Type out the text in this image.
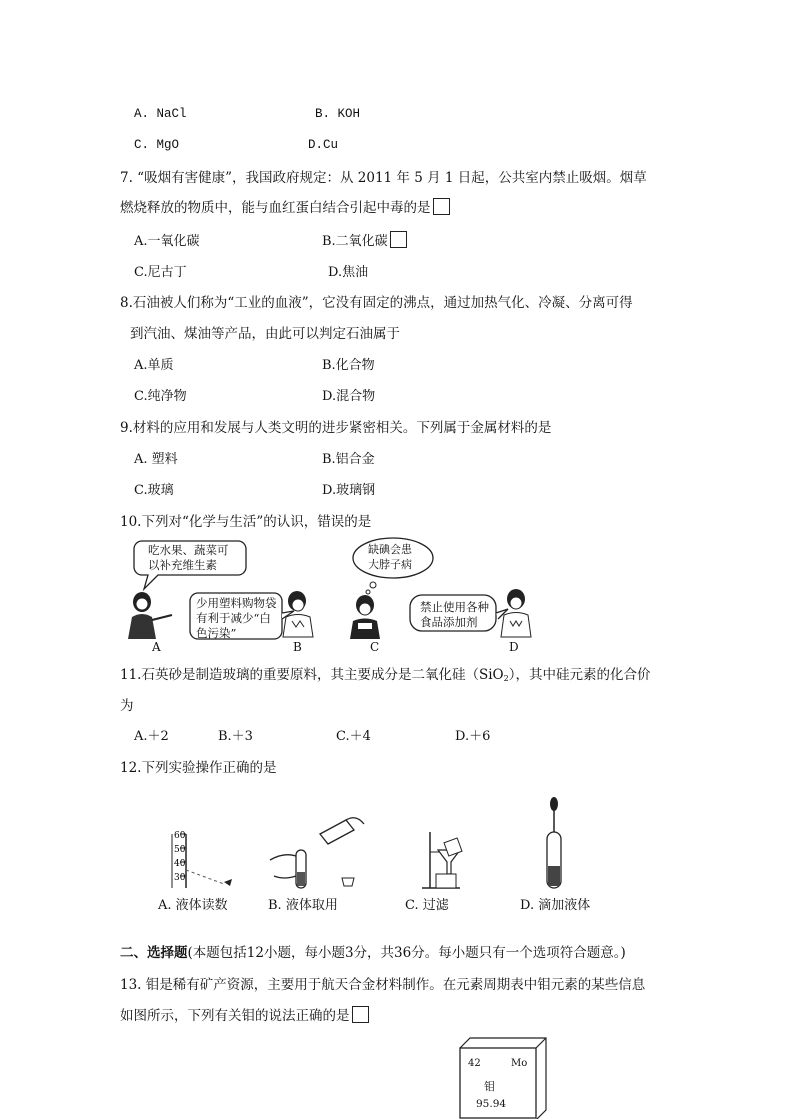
A. NaCl	B. KOH
C. MgO	D.Cu
7. “吸烟有害健康”，我国政府规定：从 2011 年 5 月 1 日起，公共室内禁止吸烟。烟草
燃烧释放的物质中，能与血红蛋白结合引起中毒的是
A.一氧化碳	B.二氧化碳
C.尼古丁	D.焦油
8.石油被人们称为“工业的血液”，它没有固定的沸点，通过加热气化、冷凝、分离可得
到汽油、煤油等产品，由此可以判定石油属于
A.单质	B.化合物
C.纯净物	D.混合物
9.材料的应用和发展与人类文明的进步紧密相关。下列属于金属材料的是
A. 塑料	B.铝合金
C.玻璃	D.玻璃钢
10.下列对“化学与生活”的认识，错误的是
吃水果、蔬菜可
以补充维生素
少用塑料购物袋
有利于减少“白
色污染”
缺碘会患
大脖子病
禁止使用各种
食品添加剂
A	B	C	D
11.石英砂是制造玻璃的重要原料，其主要成分是二氧化硅（SiO$_2$），其中硅元素的化合价
为
A.＋2	B.＋3	C.＋4	D.＋6
12.下列实验操作正确的是
60
50
40
30
A. 液体读数	B. 液体取用	C. 过滤	D. 滴加液体
二、选择题(本题包括12小题，每小题3分，共36分。每小题只有一个选项符合题意。)
13. 钼是稀有矿产资源，主要用于航天合金材料制作。在元素周期表中钼元素的某些信息
如图所示，下列有关钼的说法正确的是
42	Mo
钼
95.94
